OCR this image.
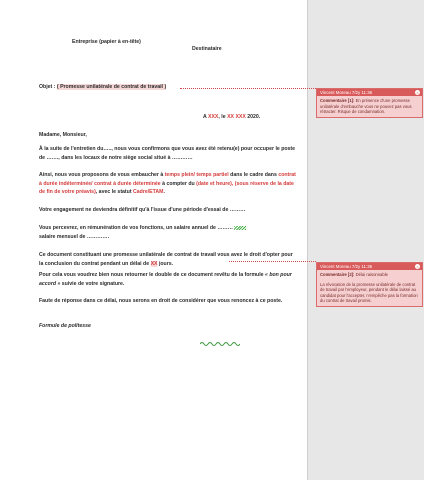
Entreprise (papier à en-tête)
Destinataire
Objet : ( Promesse unilatérale de contrat de travail )
A XXX, le XX XXX 2020.
Madame, Monsieur,
À la suite de l'entretien du….., nous vous confirmons que vous avez été retenu(e) pour occuper le poste de ……., dans les locaux de notre siège social situé à …………
Ainsi, nous vous proposons de vous embaucher à temps plein/ temps partiel dans le cadre dans contrat à durée indéterminée/ contrat à durée déterminée à compter du (date et heure), (sous réserve de la date de fin de votre préavis), avec le statut Cadre/ETAM.
Votre engagement ne deviendra définitif qu'à l'issue d'une période d'essai de ………
Vous percevrez, en rémunération de vos fonctions, un salaire annuel de ………
salaire mensuel de ………….
Ce document constituant une promesse unilatérale de contrat de travail vous avez le droit d'opter pour la conclusion du contrat pendant un délai de XX jours.
Pour cela vous voudrez bien nous retourner le double de ce document revêtu de la formule « bon pour accord » suivie de votre signature.
Faute de réponse dans ce délai, nous serons en droit de considérer que vous renoncez à ce poste.
Formule de politesse
Vincent Moreau 7/2y 11:36	×
Commentaire [1]: En présence d'une promesse unilatérale d'embauche vous ne pouvez pas vous rétracter. Risque de condamnation.
Vincent Moreau 7/2y 11:35	×
Commentaire [2]: Délai raisonnable
La révocation de la promesse unilatérale de contrat de travail par l'employeur, pendant le délai laissé au candidat pour l'accepter, n'empêche pas la formation du contrat de travail promis.
